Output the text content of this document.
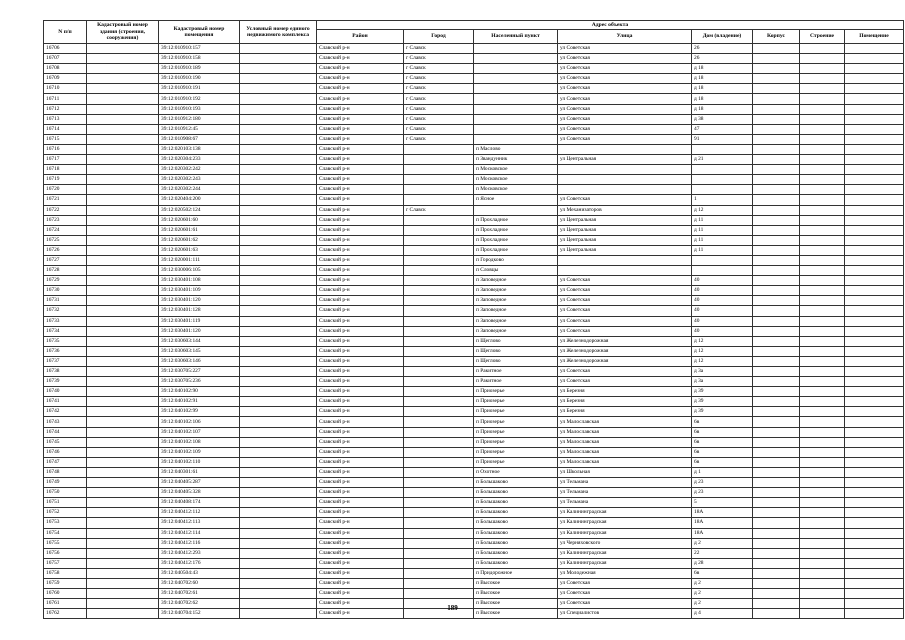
N п/п	Кадастровый номер здания (строения, сооружения)	Кадастровый номер помещения	Условный номер единого недвижимого комплекса	Адрес объекта							
				Район	Город	Населенный пункт	Улица	Дом (владение)	Корпус	Строение	Помещение
16706		39:12:010910:157		Славский р-н	г Славск		ул Советская	26			
16707		39:12:010910:158		Славский р-н	г Славск		ул Советская	26			
16708		39:12:010910:189		Славский р-н	г Славск		ул Советская	д 18			
16709		39:12:010910:190		Славский р-н	г Славск		ул Советская	д 18			
16710		39:12:010910:191		Славский р-н	г Славск		ул Советская	д 18			
16711		39:12:010910:192		Славский р-н	г Славск		ул Советская	д 18			
16712		39:12:010910:193		Славский р-н	г Славск		ул Советская	д 18			
16713		39:12:010912:180		Славский р-н	г Славск		ул Советская	д 38			
16714		39:12:010912:45		Славский р-н	г Славск		ул Советская	47			
16715		39:12:010908:67		Славский р-н	г Славск		ул Советская	91			
16716		39:12:020103:138		Славский р-н		п Маслово					
16717		39:12:020304:233		Славский р-н		п Звандунник	ул Центральная	д 21			
16718		39:12:020302:242		Славский р-н		п Московское					
16719		39:12:020302:243		Славский р-н		п Московское					
16720		39:12:020302:244		Славский р-н		п Московское					
16721		39:12:020404:200		Славский р-н		п Ясное	ул Советская	1			
16722		39:12:020502:124		Славский р-н	г Славск		ул Механизаторов	д 12			
16723		39:12:020601:60		Славский р-н		п Прохладное	ул Центральная	д 11			
16724		39:12:020601:61		Славский р-н		п Прохладное	ул Центральная	д 11			
16725		39:12:020601:62		Славский р-н		п Прохладное	ул Центральная	д 11			
16726		39:12:020601:63		Славский р-н		п Прохладное	ул Центральная	д 11			
16727		39:12:020001:111		Славский р-н		п Городково					
16728		39:12:030006:105		Славский р-н		п Словцы					
16729		39:12:030401:108		Славский р-н		п Заповедное	ул Советская	40			
16730		39:12:030401:109		Славский р-н		п Заповедное	ул Советская	40			
16731		39:12:030401:120		Славский р-н		п Заповедное	ул Советская	40			
16732		39:12:030401:128		Славский р-н		п Заповедное	ул Советская	40			
16733		39:12:030401:119		Славский р-н		п Заповедное	ул Советская	40			
16734		39:12:030401:120		Славский р-н		п Заповедное	ул Советская	40			
16735		39:12:030603:144		Славский р-н		п Щеглово	ул Железнодорожная	д 12			
16736		39:12:030603:145		Славский р-н		п Щеглово	ул Железнодорожная	д 12			
16737		39:12:030603:146		Славский р-н		п Щеглово	ул Железнодорожная	д 12			
16738		39:12:030705:227		Славский р-н		п Ракитное	ул Советская	д 3а			
16739		39:12:030705:236		Славский р-н		п Ракитное	ул Советская	д 3а			
16740		39:12:040102:90		Славский р-н		п Приозерье	ул Березня	д 39			
16741		39:12:040102:91		Славский р-н		п Приозерье	ул Березня	д 39			
16742		39:12:040102:99		Славский р-н		п Приозерье	ул Березня	д 39			
16743		39:12:040102:106		Славский р-н		п Приозерье	ул Малославская	6в			
16744		39:12:040102:107		Славский р-н		п Приозерье	ул Малославская	6в			
16745		39:12:040102:108		Славский р-н		п Приозерье	ул Малославская	6в			
16746		39:12:040102:109		Славский р-н		п Приозерье	ул Малославская	6в			
16747		39:12:040102:110		Славский р-н		п Приозерье	ул Малославская	6в			
16748		39:12:040301:61		Славский р-н		п Охотное	ул Школьная	д 1			
16749		39:12:040405:287		Славский р-н		п Большаково	ул Тельмана	д 23			
16750		39:12:040405:328		Славский р-н		п Большаково	ул Тельмана	д 23			
16751		39:12:040408:174		Славский р-н		п Большаково	ул Тельмана	5			
16752		39:12:040412:112		Славский р-н		п Большаково	ул Калининградская	18А			
16753		39:12:040412:113		Славский р-н		п Большаково	ул Калининградская	18А			
16754		39:12:040412:114		Славский р-н		п Большаково	ул Калининградская	18А			
16755		39:12:040412:116		Славский р-н		п Большаково	ул Черняховского	д 2			
16756		39:12:040412:293		Славский р-н		п Большаково	ул Калининградская	22			
16757		39:12:040412:176		Славский р-н		п Большаково	ул Калининградская	д 28			
16758		39:12:040504:43		Славский р-н		п Придорожное	ул Молодежная	6в			
16759		39:12:040702:60		Славский р-н		п Высокое	ул Советская	д 2			
16760		39:12:040702:61		Славский р-н		п Высокое	ул Советская	д 2			
16761		39:12:040702:62		Славский р-н		п Высокое	ул Советская	д 2			
16762		39:12:040704:152		Славский р-н		п Высокое	ул Специалистов	д 4			
189
